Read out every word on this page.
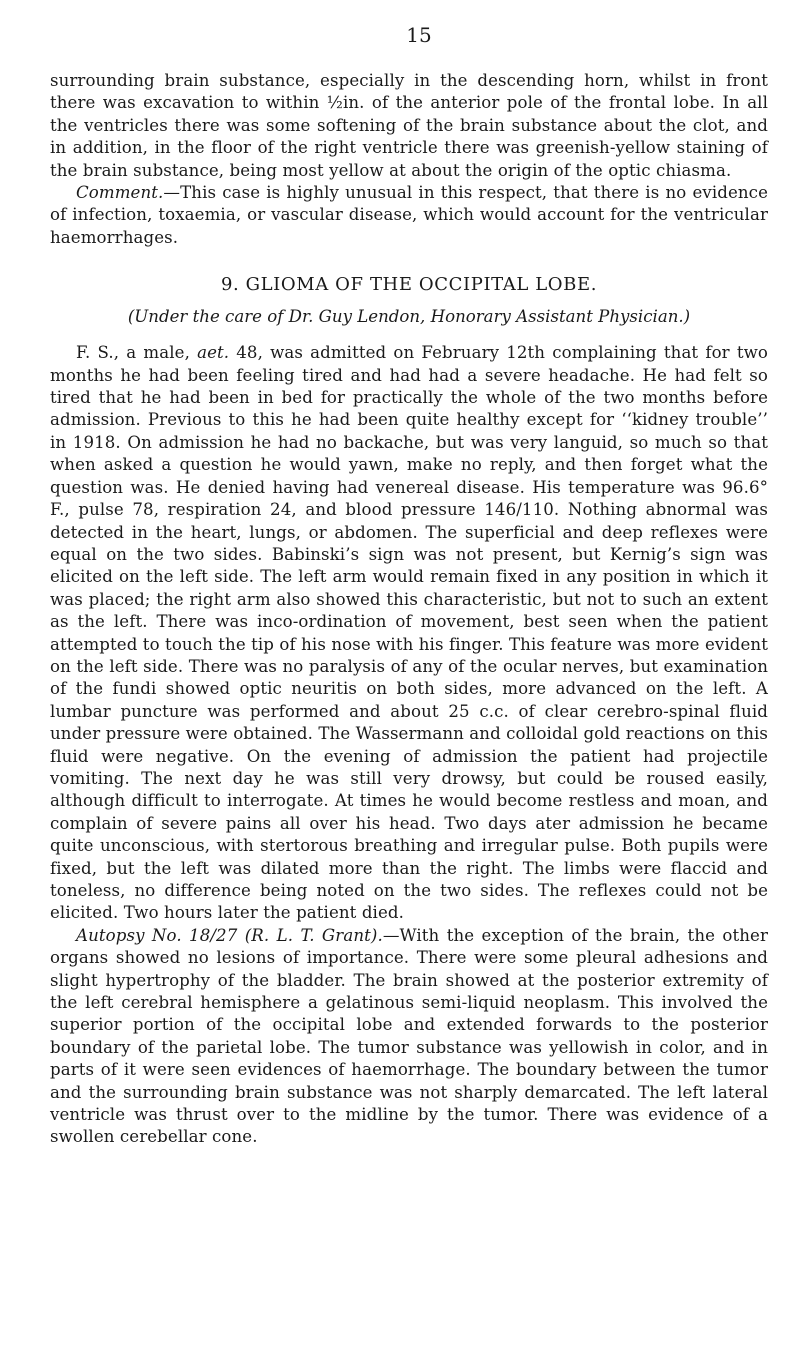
15

surrounding brain substance, especially in the descending horn, whilst in front there was excavation to within ½in. of the anterior pole of the frontal lobe. In all the ventricles there was some softening of the brain substance about the clot, and in addition, in the floor of the right ventricle there was greenish-yellow staining of the brain substance, being most yellow at about the origin of the optic chiasma.

Comment.—This case is highly unusual in this respect, that there is no evidence of infection, toxaemia, or vascular disease, which would account for the ventricular haemorrhages.

9. GLIOMA OF THE OCCIPITAL LOBE.
(Under the care of Dr. Guy Lendon, Honorary Assistant Physician.)

F. S., a male, aet. 48, was admitted on February 12th complaining that for two months he had been feeling tired and had had a severe headache. He had felt so tired that he had been in bed for practically the whole of the two months before admission. Previous to this he had been quite healthy except for ‘‘kidney trouble’’ in 1918. On admission he had no backache, but was very languid, so much so that when asked a question he would yawn, make no reply, and then forget what the question was. He denied having had venereal disease. His temperature was 96.6° F., pulse 78, respiration 24, and blood pressure 146/110. Nothing abnormal was detected in the heart, lungs, or abdomen. The superficial and deep reflexes were equal on the two sides. Babinski’s sign was not present, but Kernig’s sign was elicited on the left side. The left arm would remain fixed in any position in which it was placed; the right arm also showed this characteristic, but not to such an extent as the left. There was inco-ordination of movement, best seen when the patient attempted to touch the tip of his nose with his finger. This feature was more evident on the left side. There was no paralysis of any of the ocular nerves, but examination of the fundi showed optic neuritis on both sides, more advanced on the left. A lumbar puncture was performed and about 25 c.c. of clear cerebro-spinal fluid under pressure were obtained. The Wassermann and colloidal gold reactions on this fluid were negative. On the evening of admission the patient had projectile vomiting. The next day he was still very drowsy, but could be roused easily, although difficult to interrogate. At times he would become restless and moan, and complain of severe pains all over his head. Two days ater admission he became quite unconscious, with stertorous breathing and irregular pulse. Both pupils were fixed, but the left was dilated more than the right. The limbs were flaccid and toneless, no difference being noted on the two sides. The reflexes could not be elicited. Two hours later the patient died.

Autopsy No. 18/27 (R. L. T. Grant).—With the exception of the brain, the other organs showed no lesions of importance. There were some pleural adhesions and slight hypertrophy of the bladder. The brain showed at the posterior extremity of the left cerebral hemisphere a gelatinous semi-liquid neoplasm. This involved the superior portion of the occipital lobe and extended forwards to the posterior boundary of the parietal lobe. The tumor substance was yellowish in color, and in parts of it were seen evidences of haemorrhage. The boundary between the tumor and the surrounding brain substance was not sharply demarcated. The left lateral ventricle was thrust over to the midline by the tumor. There was evidence of a swollen cerebellar cone.
